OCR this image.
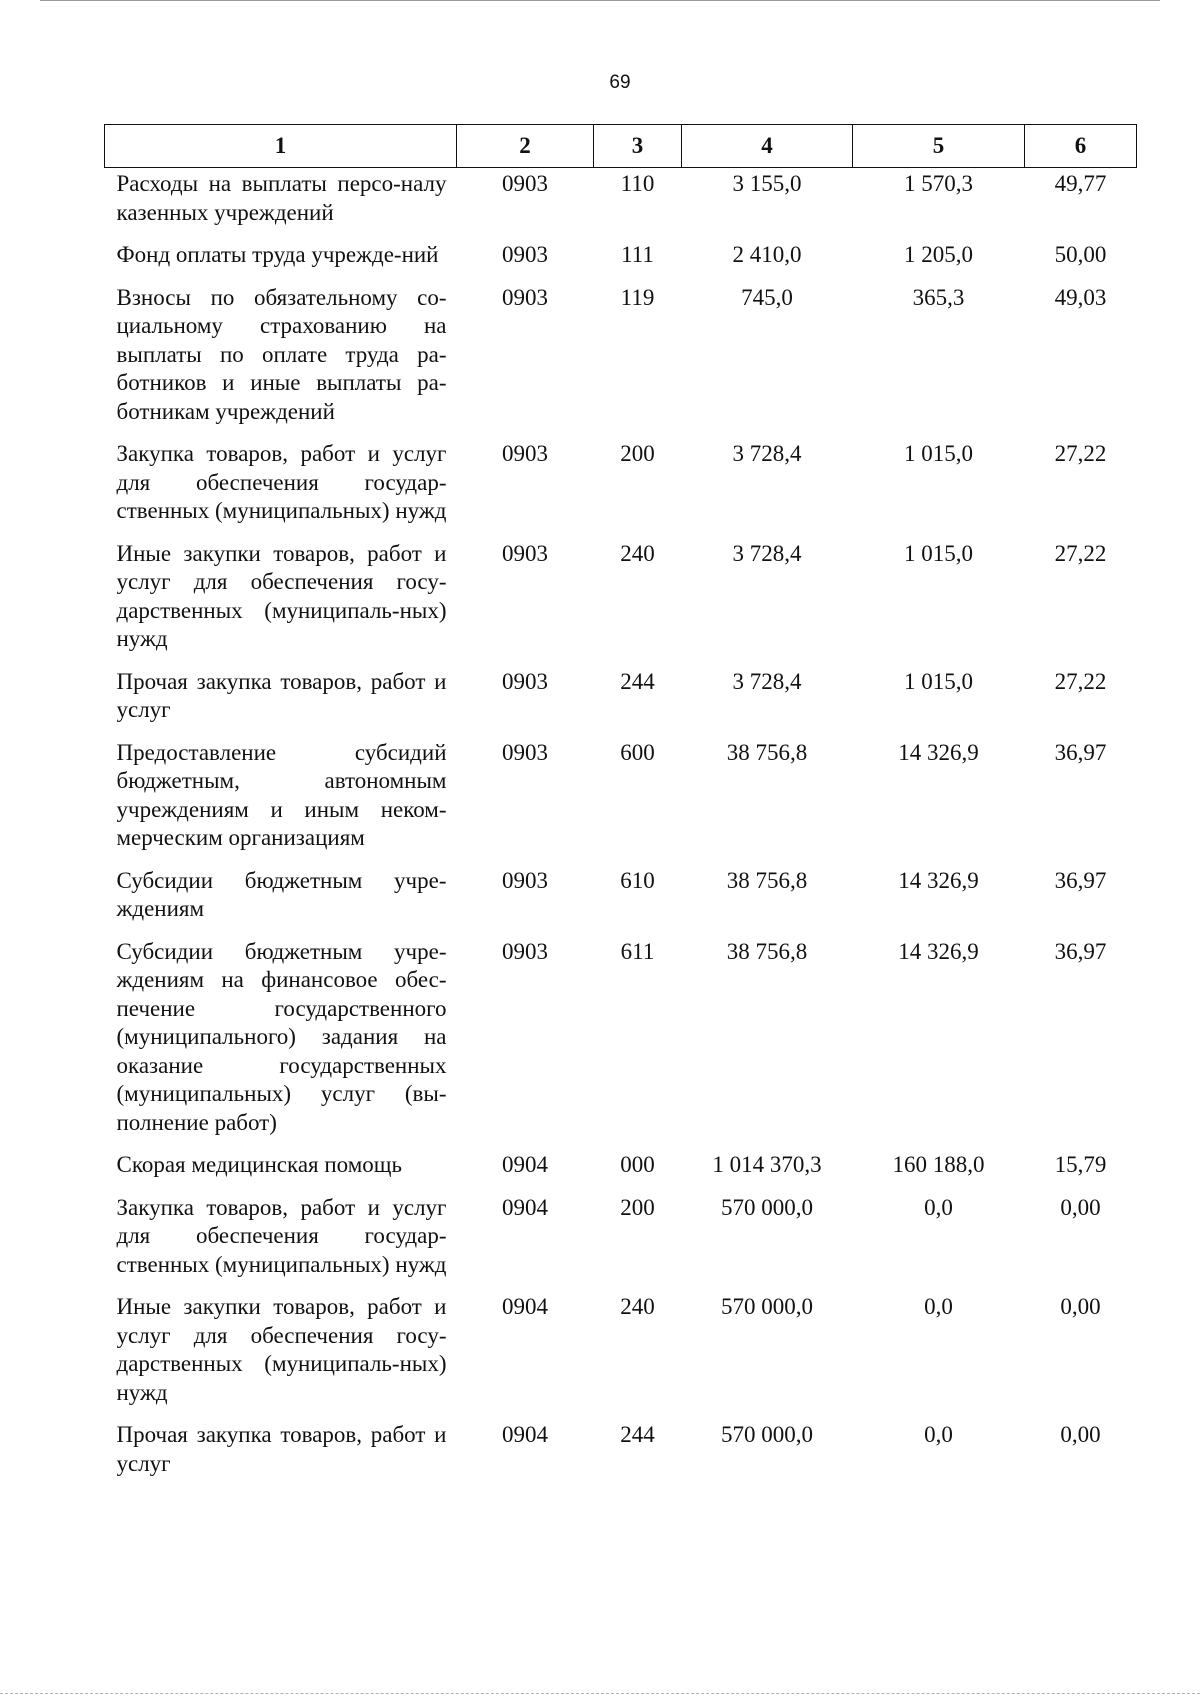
69
1	2	3	4	5	6
Расходы на выплаты персо-налу казенных учреждений	0903	110	3 155,0	1 570,3	49,77
Фонд оплаты труда учрежде-ний	0903	111	2 410,0	1 205,0	50,00
Взносы по обязательному со-циальному страхованию на выплаты по оплате труда ра-ботников и иные выплаты ра-ботникам учреждений	0903	119	745,0	365,3	49,03
Закупка товаров, работ и услуг для обеспечения государ-ственных (муниципальных) нужд	0903	200	3 728,4	1 015,0	27,22
Иные закупки товаров, работ и услуг для обеспечения госу-дарственных (муниципаль-ных) нужд	0903	240	3 728,4	1 015,0	27,22
Прочая закупка товаров, работ и услуг	0903	244	3 728,4	1 015,0	27,22
Предоставление субсидий бюджетным, автономным учреждениям и иным неком-мерческим организациям	0903	600	38 756,8	14 326,9	36,97
Субсидии бюджетным учре-ждениям	0903	610	38 756,8	14 326,9	36,97
Субсидии бюджетным учре-ждениям на финансовое обес-печение государственного (муниципального) задания на оказание государственных (муниципальных) услуг (вы-полнение работ)	0903	611	38 756,8	14 326,9	36,97
Скорая медицинская помощь	0904	000	1 014 370,3	160 188,0	15,79
Закупка товаров, работ и услуг для обеспечения государ-ственных (муниципальных) нужд	0904	200	570 000,0	0,0	0,00
Иные закупки товаров, работ и услуг для обеспечения госу-дарственных (муниципаль-ных) нужд	0904	240	570 000,0	0,0	0,00
Прочая закупка товаров, работ и услуг	0904	244	570 000,0	0,0	0,00
